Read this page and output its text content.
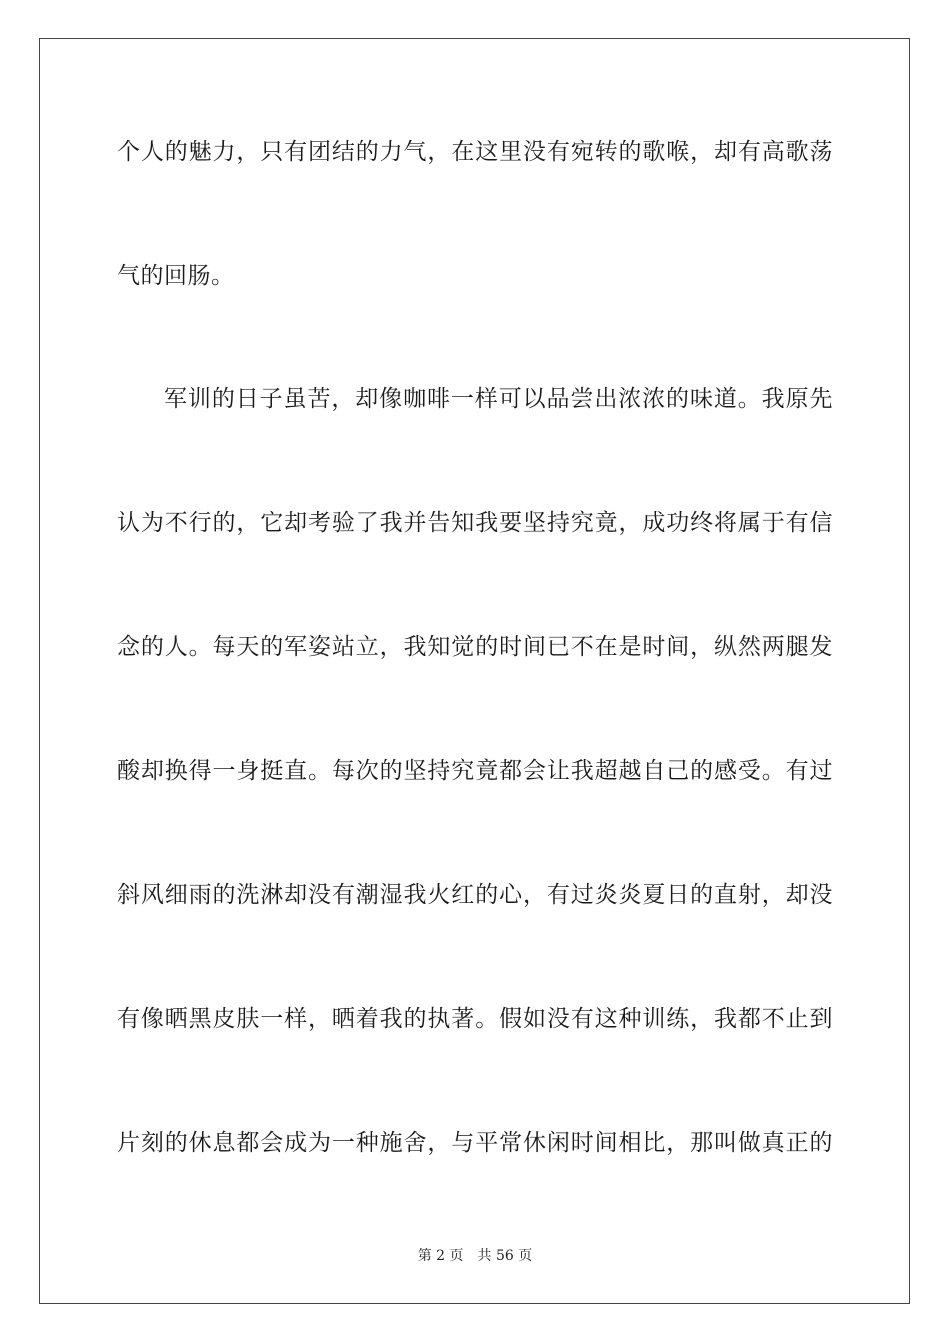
个人的魅力，只有团结的力气，在这里没有宛转的歌喉，却有高歌荡
气的回肠。
军训的日子虽苦，却像咖啡一样可以品尝出浓浓的味道。我原先
认为不行的，它却考验了我并告知我要坚持究竟，成功终将属于有信
念的人。每天的军姿站立，我知觉的时间已不在是时间，纵然两腿发
酸却换得一身挺直。每次的坚持究竟都会让我超越自己的感受。有过
斜风细雨的洗淋却没有潮湿我火红的心，有过炎炎夏日的直射，却没
有像晒黑皮肤一样，晒着我的执著。假如没有这种训练，我都不止到
片刻的休息都会成为一种施舍，与平常休闲时间相比，那叫做真正的
第 2 页 共 56 页
